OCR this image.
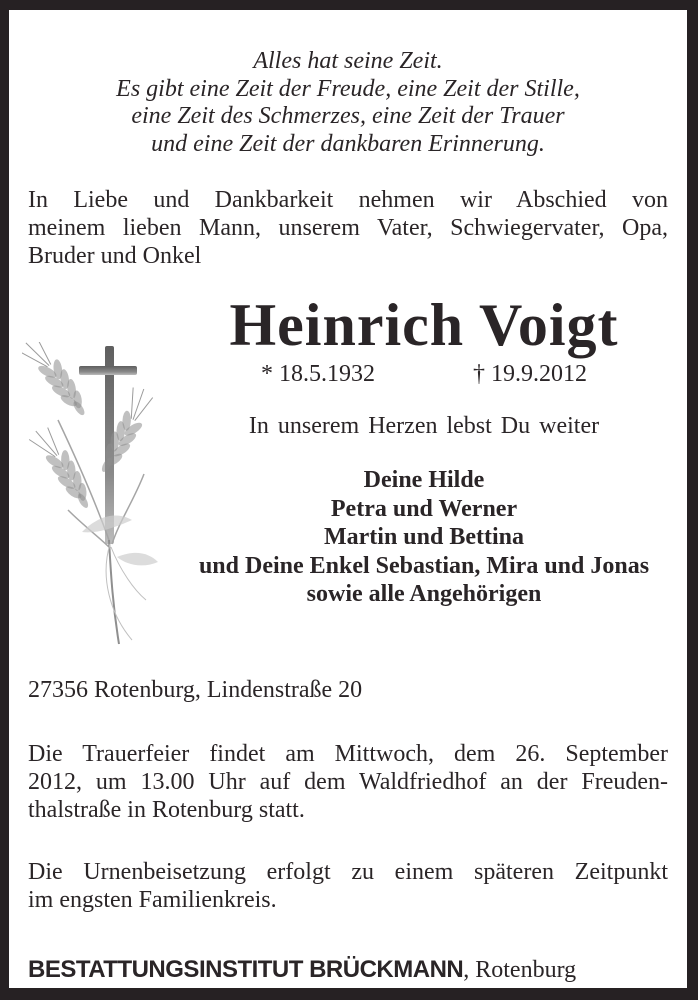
Alles hat seine Zeit.
Es gibt eine Zeit der Freude, eine Zeit der Stille,
eine Zeit des Schmerzes, eine Zeit der Trauer
und eine Zeit der dankbaren Erinnerung.
In Liebe und Dankbarkeit nehmen wir Abschied von
meinem lieben Mann, unserem Vater, Schwiegervater, Opa,
Bruder und Onkel
Heinrich Voigt
* 18.5.1932	† 19.9.2012
In unserem Herzen lebst Du weiter
Deine Hilde
Petra und Werner
Martin und Bettina
und Deine Enkel Sebastian, Mira und Jonas
sowie alle Angehörigen
27356 Rotenburg, Lindenstraße 20
Die Trauerfeier findet am Mittwoch, dem 26. September
2012, um 13.00 Uhr auf dem Waldfriedhof an der Freuden-
thalstraße in Rotenburg statt.
Die Urnenbeisetzung erfolgt zu einem späteren Zeitpunkt
im engsten Familienkreis.
BESTATTUNGSINSTITUT BRÜCKMANN, Rotenburg
